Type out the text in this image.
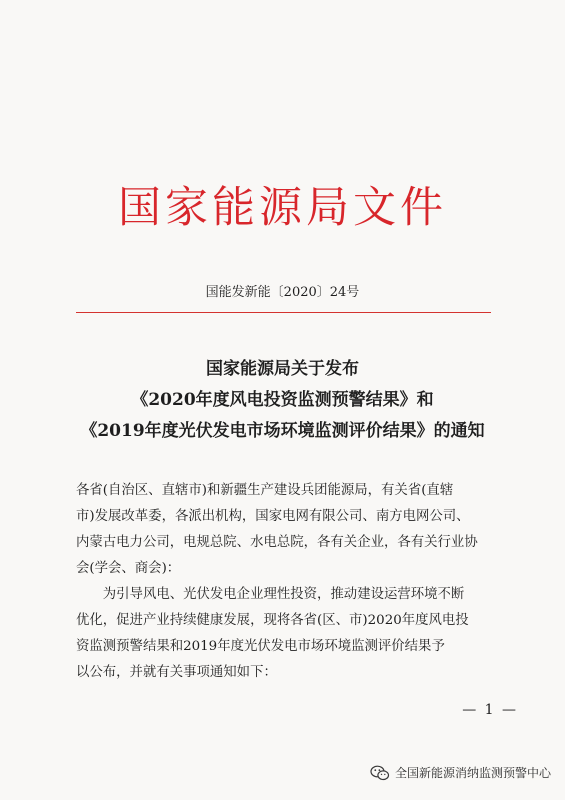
国家能源局文件
国能发新能〔2020〕24号
国家能源局关于发布
《2020年度风电投资监测预警结果》和
《2019年度光伏发电市场环境监测评价结果》的通知
各省(自治区、直辖市)和新疆生产建设兵团能源局，有关省(直辖
市)发展改革委，各派出机构，国家电网有限公司、南方电网公司、
内蒙古电力公司，电规总院、水电总院，各有关企业，各有关行业协
会(学会、商会)：
　　为引导风电、光伏发电企业理性投资，推动建设运营环境不断
优化，促进产业持续健康发展，现将各省(区、市)2020年度风电投
资监测预警结果和2019年度光伏发电市场环境监测评价结果予
以公布，并就有关事项通知如下：
— 1 —
全国新能源消纳监测预警中心
